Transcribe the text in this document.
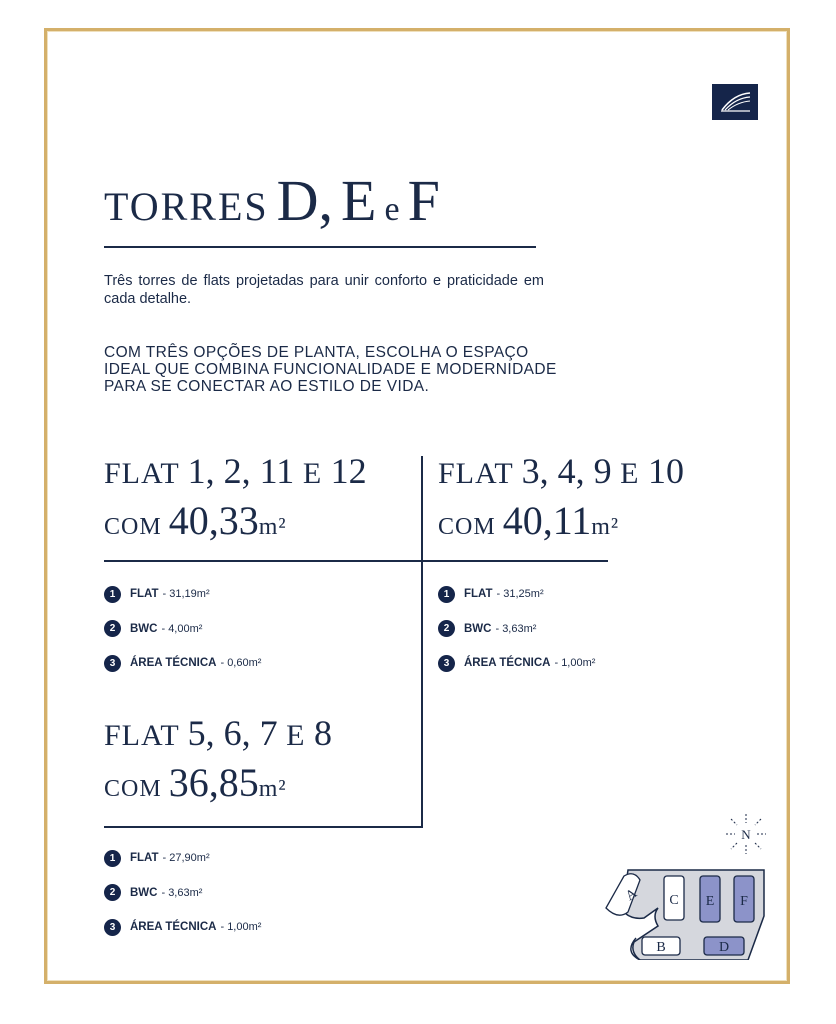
TORRES D, E e F

Três torres de flats projetadas para unir conforto e praticidade em cada detalhe.

COM TRÊS OPÇÕES DE PLANTA, ESCOLHA O ESPAÇO IDEAL QUE COMBINA FUNCIONALIDADE E MODERNIDADE PARA SE CONECTAR AO ESTILO DE VIDA.

FLAT 1, 2, 11 E 12
COM 40,33m²
FLAT 3, 4, 9 E 10
COM 40,11m²
1	FLAT - 31,19m²
2	BWC - 4,00m²
3	ÁREA TÉCNICA - 0,60m²
1	FLAT - 31,25m²
2	BWC - 3,63m²
3	ÁREA TÉCNICA - 1,00m²
FLAT 5, 6, 7 E 8
COM 36,85m²
1	FLAT - 27,90m²
2	BWC - 3,63m²
3	ÁREA TÉCNICA - 1,00m²
N
A C E F
B	D
